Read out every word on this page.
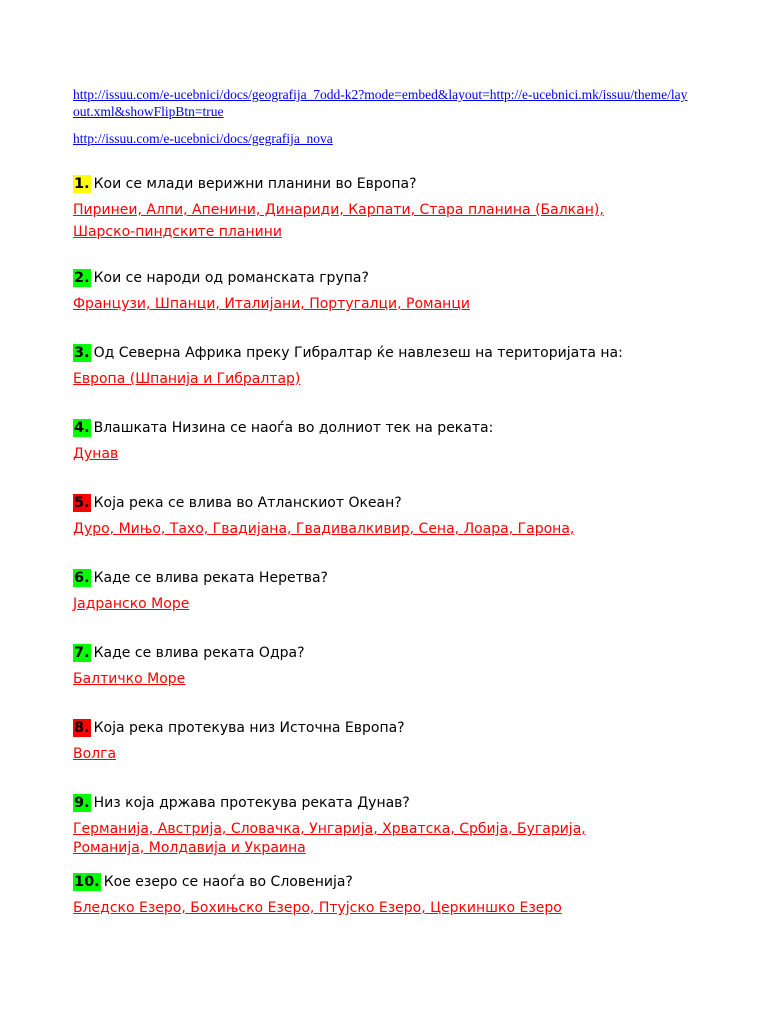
http://issuu.com/e-ucebnici/docs/geografija_7odd-k2?mode=embed&layout=http://e-ucebnici.mk/issuu/theme/layout.xml&showFlipBtn=true
http://issuu.com/e-ucebnici/docs/gegrafija_nova
1. Кои се млади верижни планини во Европа?
Пиринеи, Алпи, Апенини, Динариди, Карпати, Стара планина (Балкан),
Шарско-пиндските планини
2. Кои се народи од романската група?
Французи, Шпанци, Италијани, Португалци, Романци
3. Од Северна Африка преку Гибралтар ќе навлезеш на територијата на:
Европа (Шпанија и Гибралтар)
4. Влашката Низина се наоѓа во долниот тек на реката:
Дунав
5. Која река се влива во Атланскиот Океан?
Дуро, Мињо, Тахо, Гвадијана, Гвадивалкивир, Сена, Лоара, Гарона,
6. Каде се влива реката Неретва?
Јадранско Море
7. Каде се влива реката Одра?
Балтичко Море
8. Која река протекува низ Источна Европа?
Волга
9. Низ која држава протекува реката Дунав?
Германија, Австрија, Словачка, Унгарија, Хрватска, Србија, Бугарија,
Романија, Молдавија и Украина
10. Кое езеро се наоѓа во Словенија?
Бледско Езеро, Бохињско Езеро, Птујско Езеро, Церкиншко Езеро
